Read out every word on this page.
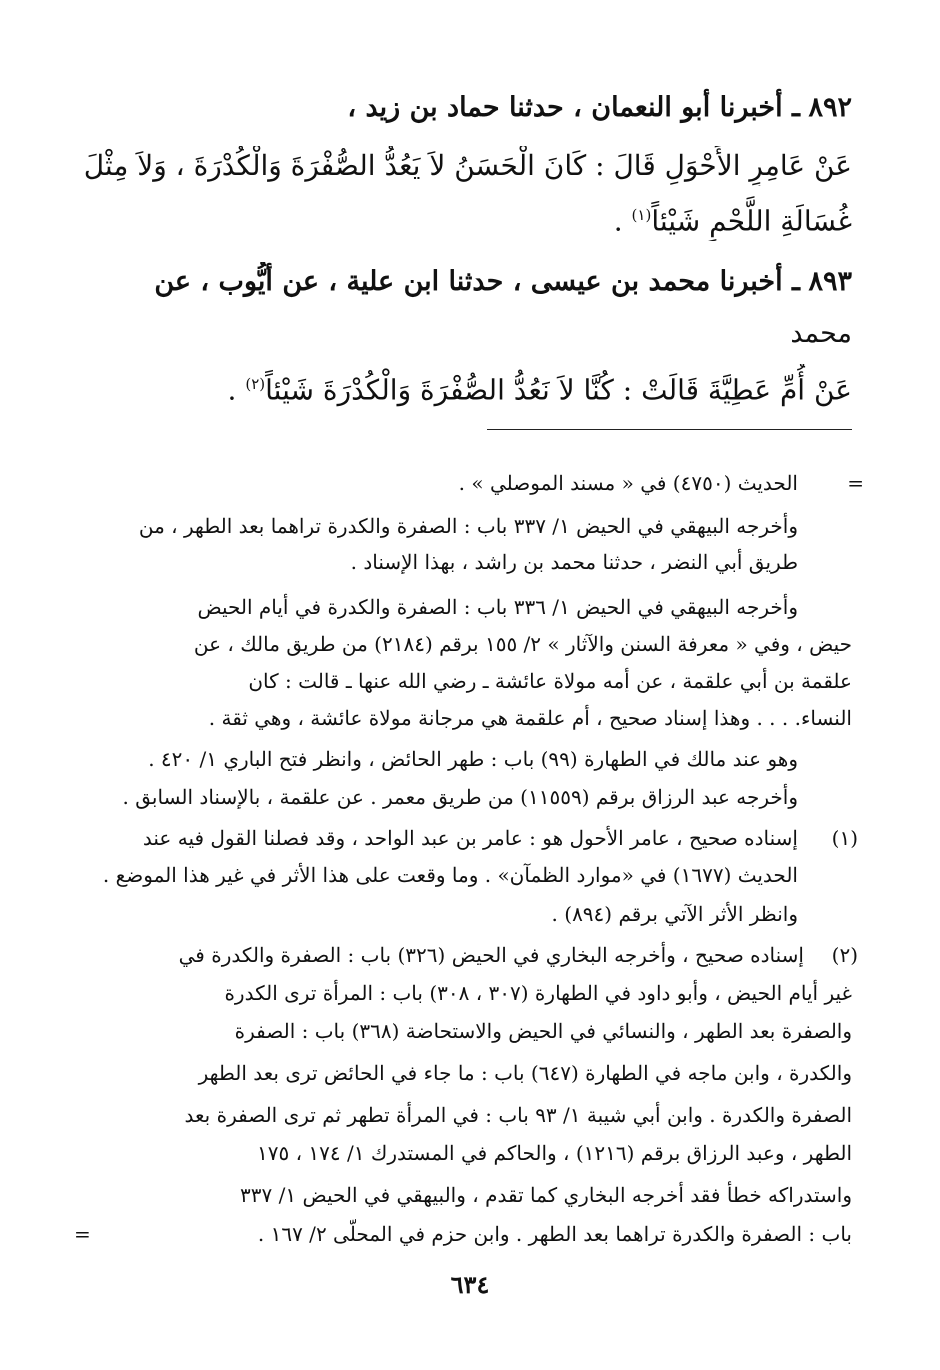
٨٩٢ ـ أخبرنا أبو النعمان ، حدثنا حماد بن زيد ،
عَنْ عَامِرٍ الأَحْوَلِ قَالَ : كَانَ الْحَسَنُ لاَ يَعُدُّ الصُّفْرَةَ وَالْكُدْرَةَ ، وَلاَ مِثْلَ
غُسَالَةِ اللَّحْمِ شَيْئاً$^{(١)}$ .
٨٩٣ ـ أخبرنا محمد بن عيسى ، حدثنا ابن علية ، عن أيُّوب ، عن
محمد
عَنْ أُمِّ عَطِيَّةَ قَالَتْ : كُنَّا لاَ نَعُدُّ الصُّفْرَةَ وَالْكُدْرَةَ شَيْئاً$^{(٢)}$ .
=
الحديث (٤٧٥٠) في « مسند الموصلي » .
وأخرجه البيهقي في الحيض ١/ ٣٣٧ باب : الصفرة والكدرة تراهما بعد الطهر ، من
طريق أبي النضر ، حدثنا محمد بن راشد ، بهذا الإسناد .
وأخرجه البيهقي في الحيض ١/ ٣٣٦ باب : الصفرة والكدرة في أيام الحيض
حيض ، وفي « معرفة السنن والآثار » ٢/ ١٥٥ برقم (٢١٨٤) من طريق مالك ، عن
علقمة بن أبي علقمة ، عن أمه مولاة عائشة ـ رضي الله عنها ـ قالت : كان
النساء. . . . وهذا إسناد صحيح ، أم علقمة هي مرجانة مولاة عائشة ، وهي ثقة .
وهو عند مالك في الطهارة (٩٩) باب : طهر الحائض ، وانظر فتح الباري ١/ ٤٢٠ .
وأخرجه عبد الرزاق برقم (١١٥٥٩) من طريق معمر . عن علقمة ، بالإسناد السابق .
(١)
إسناده صحيح ، عامر الأحول هو : عامر بن عبد الواحد ، وقد فصلنا القول فيه عند
الحديث (١٦٧٧) في «موارد الظمآن» . وما وقعت على هذا الأثر في غير هذا الموضع .
وانظر الأثر الآتي برقم (٨٩٤) .
(٢)
إسناده صحيح ، وأخرجه البخاري في الحيض (٣٢٦) باب : الصفرة والكدرة في
غير أيام الحيض ، وأبو داود في الطهارة (٣٠٧ ، ٣٠٨) باب : المرأة ترى الكدرة
والصفرة بعد الطهر ، والنسائي في الحيض والاستحاضة (٣٦٨) باب : الصفرة
والكدرة ، وابن ماجه في الطهارة (٦٤٧) باب : ما جاء في الحائض ترى بعد الطهر
الصفرة والكدرة . وابن أبي شيبة ١/ ٩٣ باب : في المرأة تطهر ثم ترى الصفرة بعد
الطهر ، وعبد الرزاق برقم (١٢١٦) ، والحاكم في المستدرك ١/ ١٧٤ ، ١٧٥
واستدراكه خطأ فقد أخرجه البخاري كما تقدم ، والبيهقي في الحيض ١/ ٣٣٧
باب : الصفرة والكدرة تراهما بعد الطهر . وابن حزم في المحلّى ٢/ ١٦٧ .
=
٦٣٤
